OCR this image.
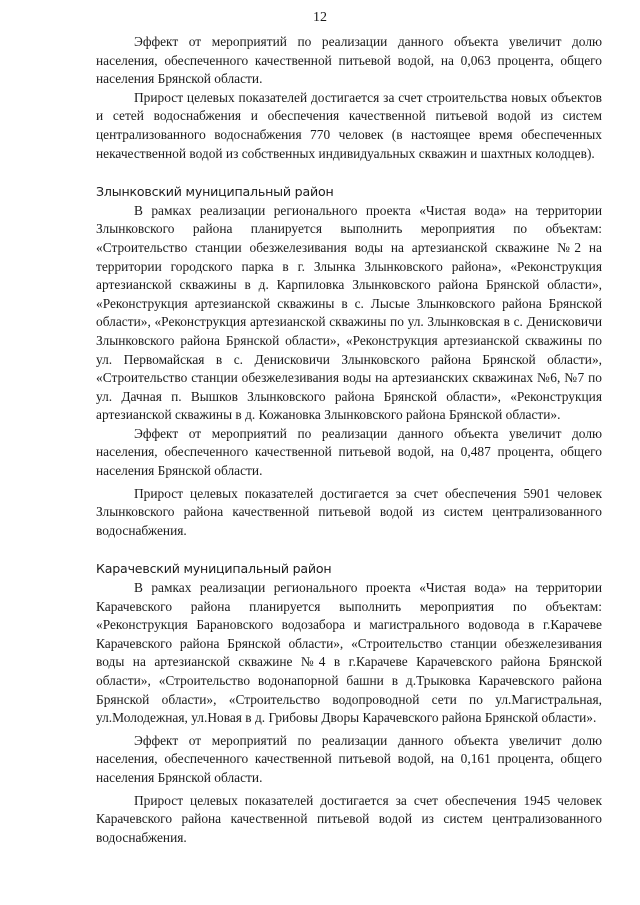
12

Эффект от мероприятий по реализации данного объекта увеличит долю населения, обеспеченного качественной питьевой водой, на 0,063 процента, общего населения Брянской области.

Прирост целевых показателей достигается за счет строительства новых объектов и сетей водоснабжения и обеспечения качественной питьевой водой из систем централизованного водоснабжения 770 человек (в настоящее время обеспеченных некачественной водой из собственных индивидуальных скважин и шахтных колодцев).

Злынковский муниципальный район

В рамках реализации регионального проекта «Чистая вода» на территории Злынковского района планируется выполнить мероприятия по объектам: «Строительство станции обезжелезивания воды на артезианской скважине №2 на территории городского парка в г. Злынка Злынковского района», «Реконструкция артезианской скважины в д. Карпиловка Злынковского района Брянской области», «Реконструкция артезианской скважины в с. Лысые Злынковского района Брянской области», «Реконструкция артезианской скважины по ул. Злынковская в с. Денисковичи Злынковского района Брянской области», «Реконструкция артезианской скважины по ул. Первомайская в с. Денисковичи Злынковского района Брянской области», «Строительство станции обезжелезивания воды на артезианских скважинах №6, №7 по ул. Дачная п. Вышков Злынковского района Брянской области», «Реконструкция артезианской скважины в д. Кожановка Злынковского района Брянской области».

Эффект от мероприятий по реализации данного объекта увеличит долю населения, обеспеченного качественной питьевой водой, на 0,487 процента, общего населения Брянской области.

Прирост целевых показателей достигается за счет обеспечения 5901 человек Злынковского района качественной питьевой водой из систем централизованного водоснабжения.

Карачевский муниципальный район

В рамках реализации регионального проекта «Чистая вода» на территории Карачевского района планируется выполнить мероприятия по объектам: «Реконструкция Барановского водозабора и магистрального водовода в г.Карачеве Карачевского района Брянской области», «Строительство станции обезжелезивания воды на артезианской скважине №4 в г.Карачеве Карачевского района Брянской области», «Строительство водонапорной башни в д.Трыковка Карачевского района Брянской области», «Строительство водопроводной сети по ул.Магистральная, ул.Молодежная, ул.Новая в д. Грибовы Дворы Карачевского района Брянской области».

Эффект от мероприятий по реализации данного объекта увеличит долю населения, обеспеченного качественной питьевой водой, на 0,161 процента, общего населения Брянской области.

Прирост целевых показателей достигается за счет обеспечения 1945 человек Карачевского района качественной питьевой водой из систем централизованного водоснабжения.
